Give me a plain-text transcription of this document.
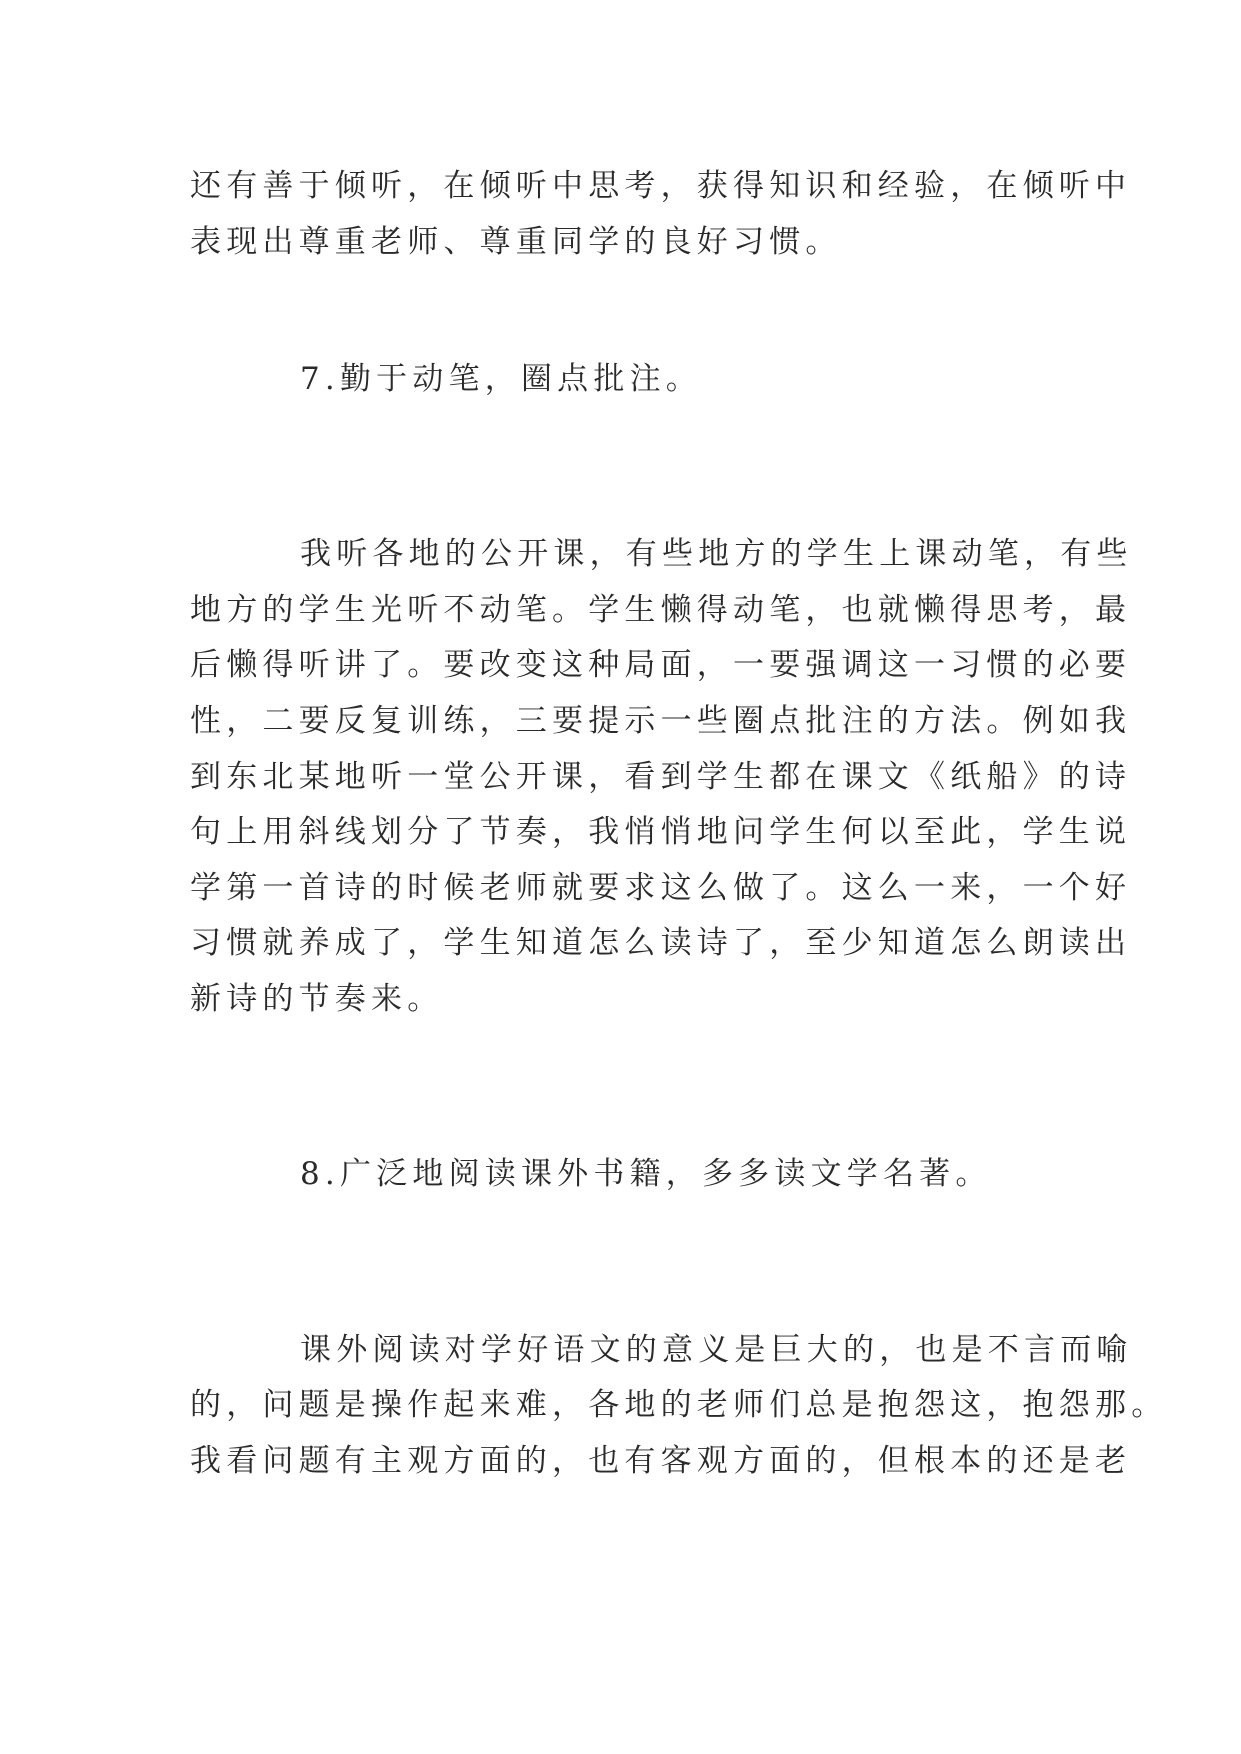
还有善于倾听，在倾听中思考，获得知识和经验，在倾听中
表现出尊重老师、尊重同学的良好习惯。
7.勤于动笔，圈点批注。
我听各地的公开课，有些地方的学生上课动笔，有些
地方的学生光听不动笔。学生懒得动笔，也就懒得思考，最
后懒得听讲了。要改变这种局面，一要强调这一习惯的必要
性，二要反复训练，三要提示一些圈点批注的方法。例如我
到东北某地听一堂公开课，看到学生都在课文《纸船》的诗
句上用斜线划分了节奏，我悄悄地问学生何以至此，学生说
学第一首诗的时候老师就要求这么做了。这么一来，一个好
习惯就养成了，学生知道怎么读诗了，至少知道怎么朗读出
新诗的节奏来。
8.广泛地阅读课外书籍，多多读文学名著。
课外阅读对学好语文的意义是巨大的，也是不言而喻
的，问题是操作起来难，各地的老师们总是抱怨这，抱怨那。
我看问题有主观方面的，也有客观方面的，但根本的还是老
